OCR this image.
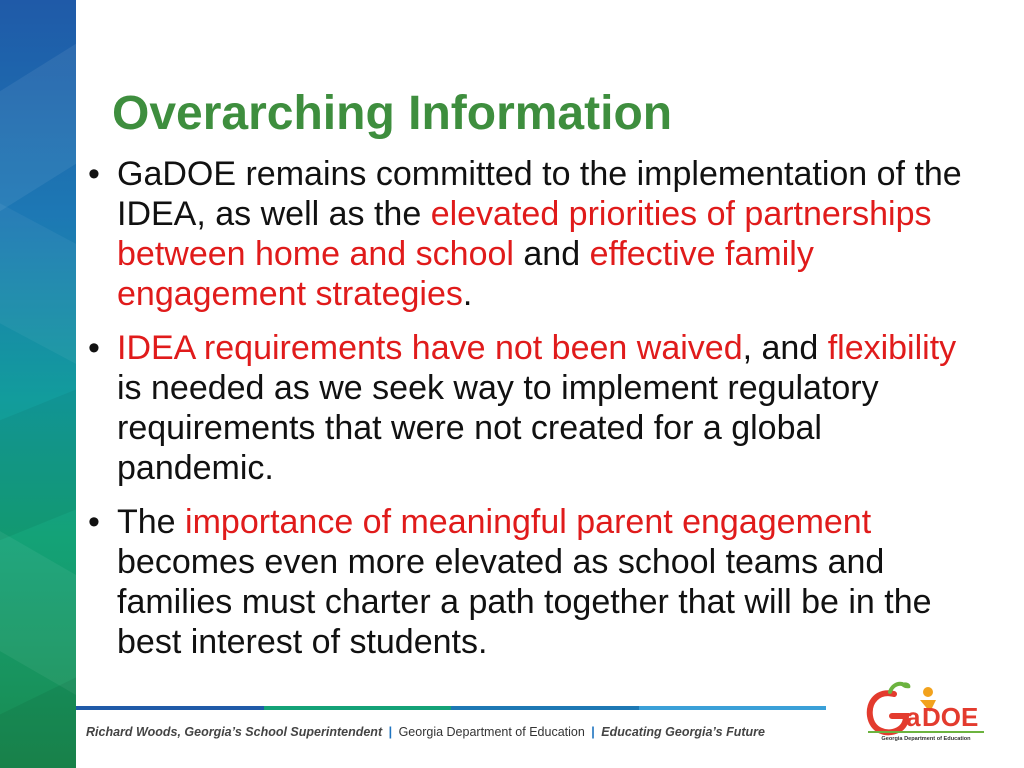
Overarching Information
• GaDOE remains committed to the implementation of the IDEA, as well as the elevated priorities of partnerships between home and school and effective family engagement strategies.
• IDEA requirements have not been waived, and flexibility is needed as we seek way to implement regulatory requirements that were not created for a global pandemic.
• The importance of meaningful parent engagement becomes even more elevated as school teams and families must charter a path together that will be in the best interest of students.
Richard Woods, Georgia’s School Superintendent | Georgia Department of Education | Educating Georgia’s Future	a DOE
Georgia Department of Education
